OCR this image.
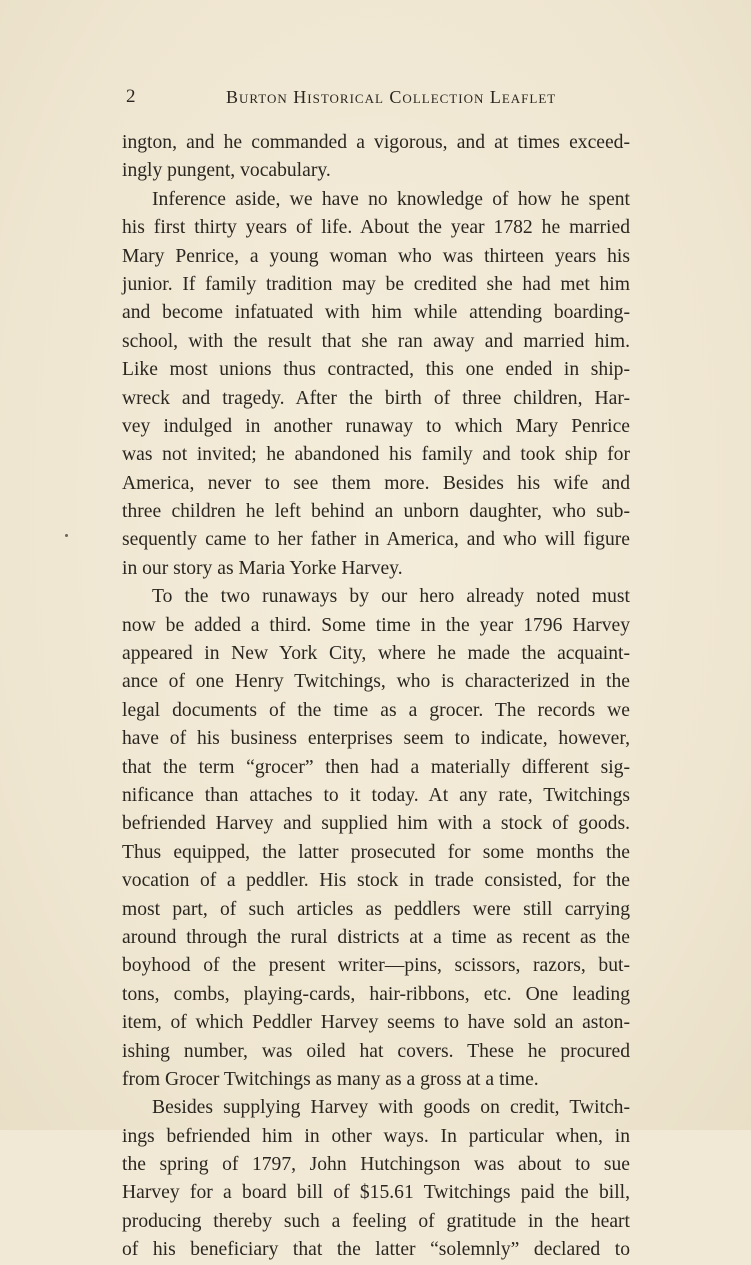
2	Burton Historical Collection Leaflet
ington, and he commanded a vigorous, and at times exceed-
ingly pungent, vocabulary.
Inference aside, we have no knowledge of how he spent
his first thirty years of life. About the year 1782 he married
Mary Penrice, a young woman who was thirteen years his
junior. If family tradition may be credited she had met him
and become infatuated with him while attending boarding-
school, with the result that she ran away and married him.
Like most unions thus contracted, this one ended in ship-
wreck and tragedy. After the birth of three children, Har-
vey indulged in another runaway to which Mary Penrice
was not invited; he abandoned his family and took ship for
America, never to see them more. Besides his wife and
three children he left behind an unborn daughter, who sub-
sequently came to her father in America, and who will figure
in our story as Maria Yorke Harvey.
To the two runaways by our hero already noted must
now be added a third. Some time in the year 1796 Harvey
appeared in New York City, where he made the acquaint-
ance of one Henry Twitchings, who is characterized in the
legal documents of the time as a grocer. The records we
have of his business enterprises seem to indicate, however,
that the term “grocer” then had a materially different sig-
nificance than attaches to it today. At any rate, Twitchings
befriended Harvey and supplied him with a stock of goods.
Thus equipped, the latter prosecuted for some months the
vocation of a peddler. His stock in trade consisted, for the
most part, of such articles as peddlers were still carrying
around through the rural districts at a time as recent as the
boyhood of the present writer—pins, scissors, razors, but-
tons, combs, playing-cards, hair-ribbons, etc. One leading
item, of which Peddler Harvey seems to have sold an aston-
ishing number, was oiled hat covers. These he procured
from Grocer Twitchings as many as a gross at a time.
Besides supplying Harvey with goods on credit, Twitch-
ings befriended him in other ways. In particular when, in
the spring of 1797, John Hutchingson was about to sue
Harvey for a board bill of $15.61 Twitchings paid the bill,
producing thereby such a feeling of gratitude in the heart
of his beneficiary that the latter “solemnly” declared to
